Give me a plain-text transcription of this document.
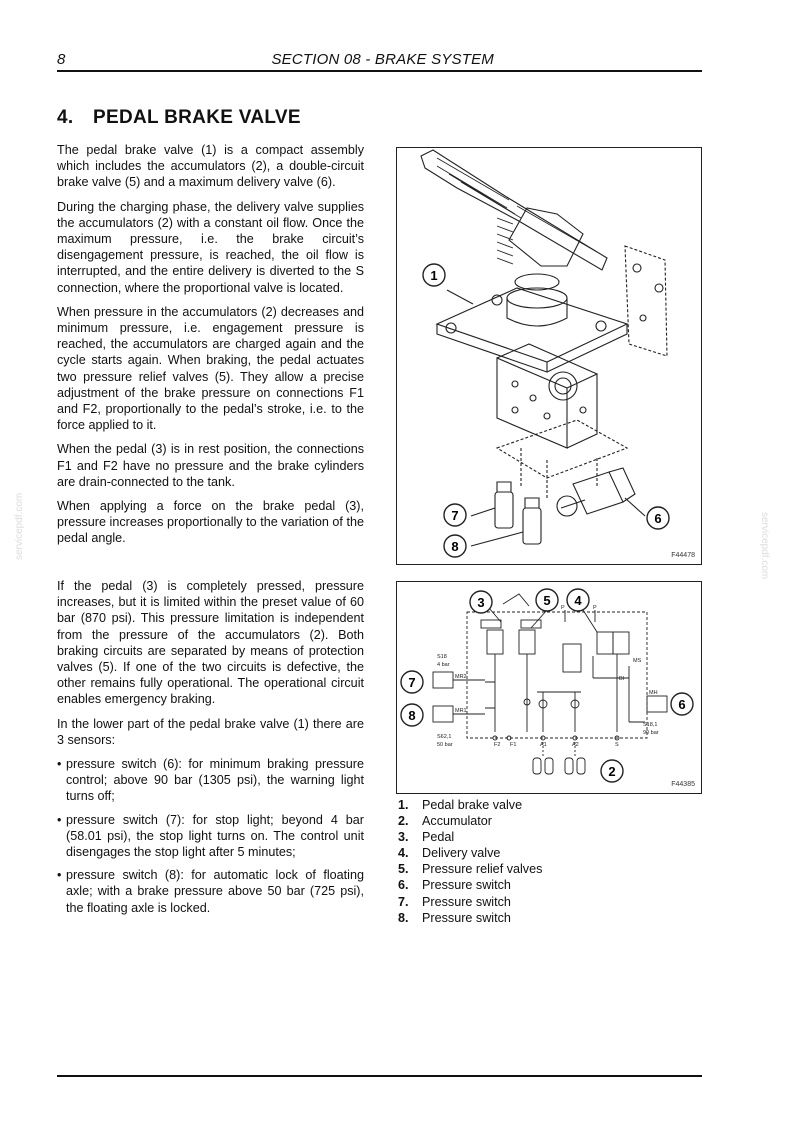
8	SECTION 08 - BRAKE SYSTEM
4. PEDAL BRAKE VALVE
servicepdf.com	servicepdf.com

The pedal brake valve (1) is a compact assembly which includes the accumulators (2), a double-circuit brake valve (5) and a maximum delivery valve (6).

During the charging phase, the delivery valve supplies the accumulators (2) with a constant oil flow. Once the maximum pressure, i.e. the brake circuit’s disengagement pressure, is reached, the oil flow is interrupted, and the entire delivery is diverted to the S connection, where the proportional valve is located.

When pressure in the accumulators (2) decreases and minimum pressure, i.e. engagement pressure is reached, the accumulators are charged again and the cycle starts again. When braking, the pedal actuates two pressure relief valves (5). They allow a precise adjustment of the brake pressure on connections F1 and F2, proportionally to the pedal’s stroke, i.e. to the force applied to it.

When the pedal (3) is in rest position, the connections F1 and F2 have no pressure and the brake cylinders are drain-connected to the tank.

When applying a force on the brake pedal (3), pressure increases proportionally to the variation of the pedal angle.

If the pedal (3) is completely pressed, pressure increases, but it is limited within the preset value of 60 bar (870 psi). This pressure limitation is independent from the pressure of the accumulators (2). Both braking circuits are separated by means of protection valves (5). If one of the two circuits is defective, the other remains fully operational. The operational circuit enables emergency braking.

In the lower part of the pedal brake valve (1) there are 3 sensors:

• pressure switch (6): for minimum braking pressure control; above 90 bar (1305 psi), the warning light turns off;
• pressure switch (7): for stop light; beyond 4 bar (58.01 psi), the stop light turns on. The control unit disengages the stop light after 5 minutes;
• pressure switch (8): for automatic lock of floating axle; with a brake pressure above 50 bar (725 psi), the floating axle is locked.
1
6
7
8
F44478
S18
4 bar
S62,1
50 bar
S18,1
90 bar
F2 F1	A1	A2	S
P	P
MR2
MR1
MS
BI
MH
3	5 4
7
8
6
2
F44385
1.	Pedal brake valve
2.	Accumulator
3.	Pedal
4.	Delivery valve
5.	Pressure relief valves
6.	Pressure switch
7.	Pressure switch
8.	Pressure switch
